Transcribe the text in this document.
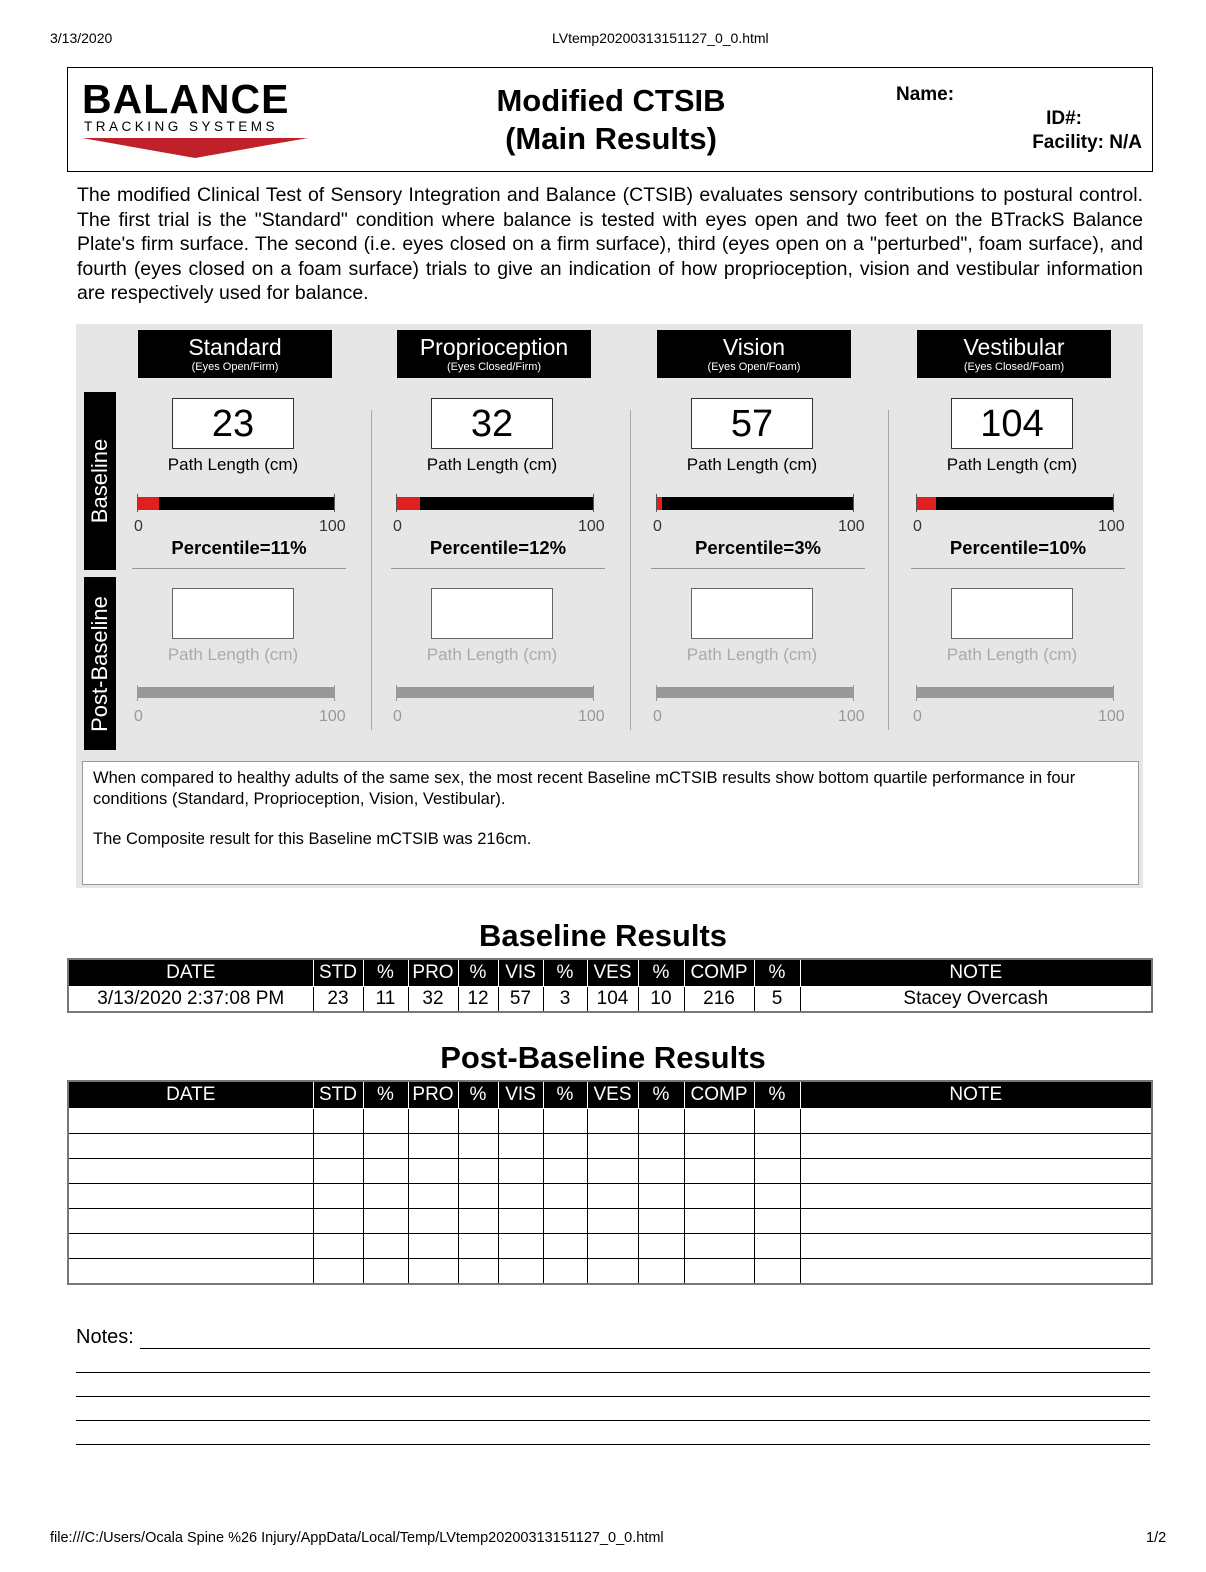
3/13/2020	LVtemp20200313151127_0_0.html
BALANCE
TRACKING SYSTEMS
Modified CTSIB
(Main Results)
Name:
ID#:
Facility: N/A
The modified Clinical Test of Sensory Integration and Balance (CTSIB) evaluates sensory contributions to postural control. The first trial is the "Standard" condition where balance is tested with eyes open and two feet on the BTrackS Balance Plate's firm surface. The second (i.e. eyes closed on a firm surface), third (eyes open on a "perturbed", foam surface), and fourth (eyes closed on a foam surface) trials to give an indication of how proprioception, vision and vestibular information are respectively used for balance.
Baseline
Post-Baseline
Standard
(Eyes Open/Firm)
23
Path Length (cm)
0	100
Percentile=11%
Path Length (cm)
0	100
Proprioception
(Eyes Closed/Firm)
32
Path Length (cm)
0	100
Percentile=12%
Path Length (cm)
0	100
Vision
(Eyes Open/Foam)
57
Path Length (cm)
0	100
Percentile=3%
Path Length (cm)
0	100
Vestibular
(Eyes Closed/Foam)
104
Path Length (cm)
0	100
Percentile=10%
Path Length (cm)
0	100

When compared to healthy adults of the same sex, the most recent Baseline mCTSIB results show bottom quartile performance in four conditions (Standard, Proprioception, Vision, Vestibular).

The Composite result for this Baseline mCTSIB was 216cm.

Baseline Results
DATE	STD	%	PRO	%	VIS	%	VES	%	COMP	%	NOTE
3/13/2020 2:37:08 PM	23	11	32	12	57	3	104	10	216	5	Stacey Overcash
Post-Baseline Results
DATE	STD	%	PRO	%	VIS	%	VES	%	COMP	%	NOTE

Notes:
file:///C:/Users/Ocala Spine %26 Injury/AppData/Local/Temp/LVtemp20200313151127_0_0.html	1/2
